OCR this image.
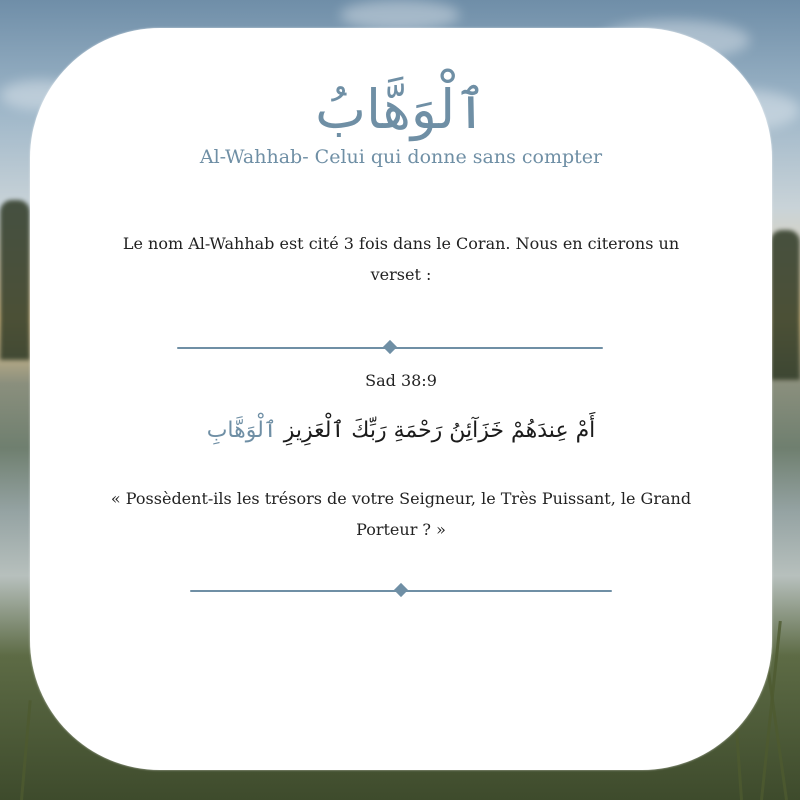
ٱلْوَهَّابُ
Al-Wahhab- Celui qui donne sans compter
Le nom Al-Wahhab est cité 3 fois dans le Coran. Nous en citerons un verset :
Sad 38:9
أَمْ عِندَهُمْ خَزَآئِنُ رَحْمَةِ رَبِّكَ ٱلْعَزِيزِ ٱلْوَهَّابِ
« Possèdent-ils les trésors de votre Seigneur, le Très Puissant, le Grand Porteur ? »
